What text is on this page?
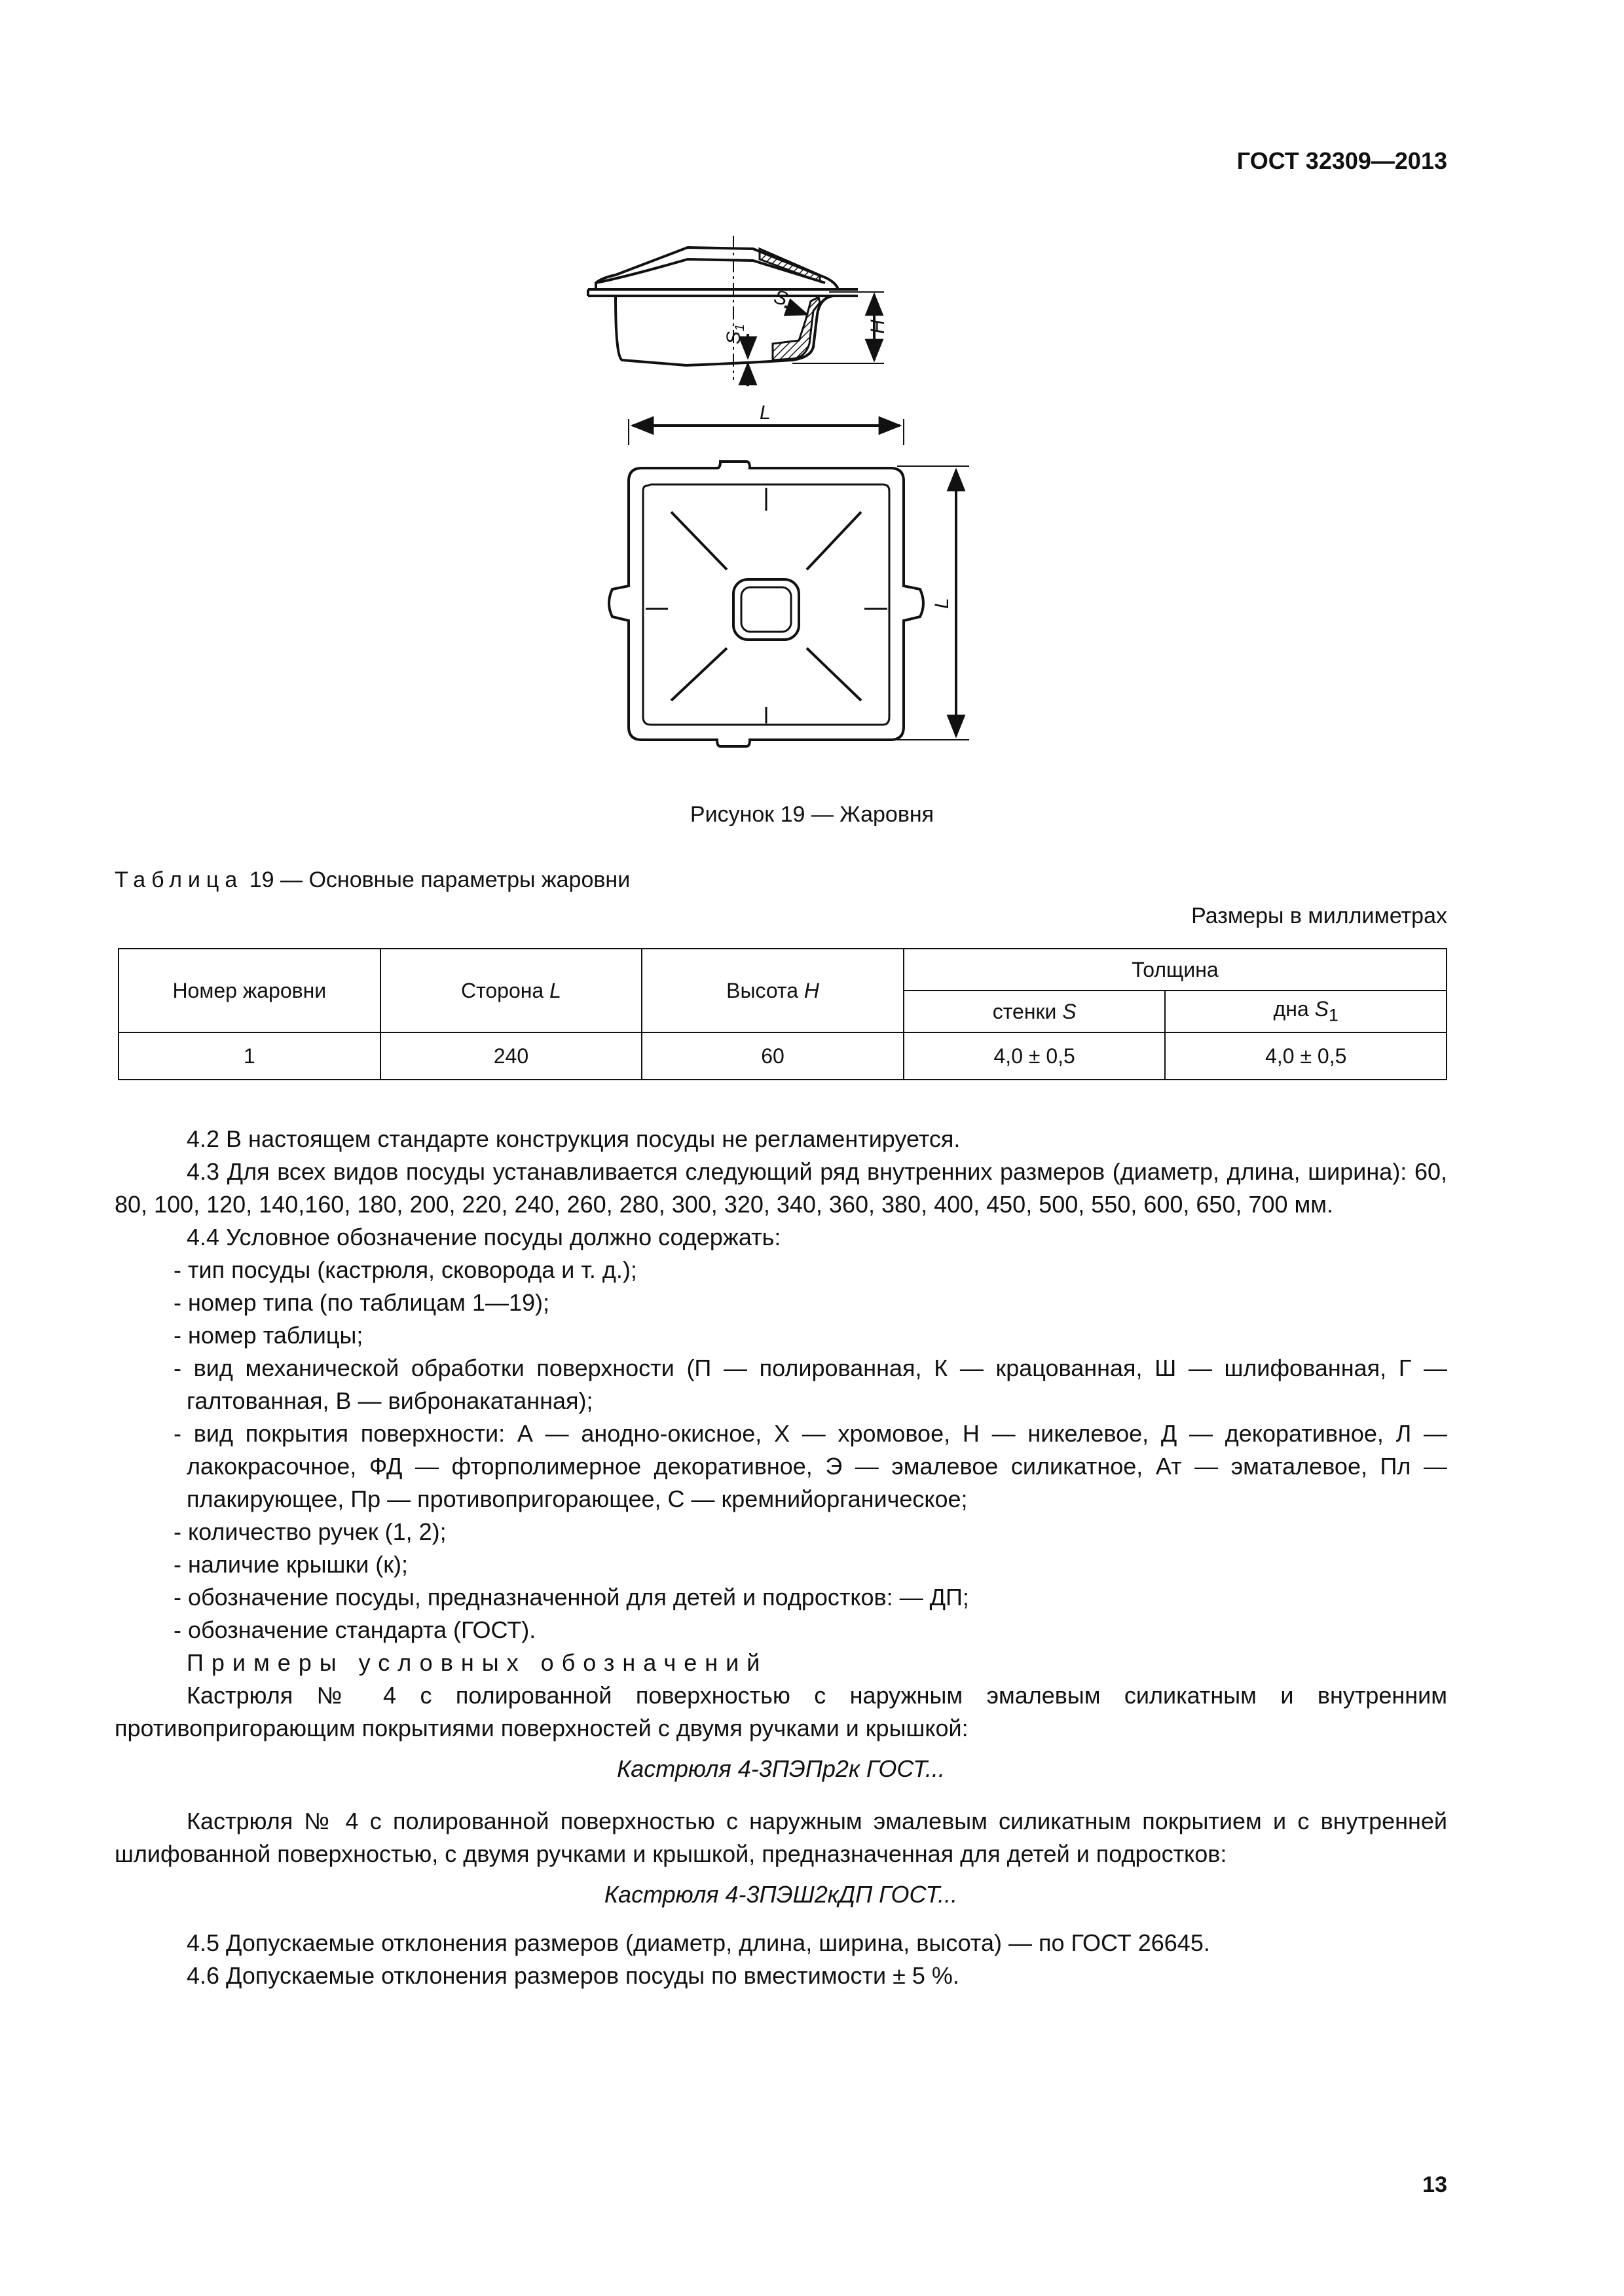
ГОСТ 32309—2013
S
$S_1$	H
L
L
Рисунок 19 — Жаровня
Таблица 19 — Основные параметры жаровни
Размеры в миллиметрах
Номер жаровни	Сторона L	Высота H	Толщина	
			стенки S	дна $S_1$
1	240	60	4,0 ± 0,5	4,0 ± 0,5

4.2 В настоящем стандарте конструкция посуды не регламентируется.

4.3 Для всех видов посуды устанавливается следующий ряд внутренних размеров (диаметр, длина, ширина): 60, 80, 100, 120, 140,160, 180, 200, 220, 240, 260, 280, 300, 320, 340, 360, 380, 400, 450, 500, 550, 600, 650, 700 мм.

4.4 Условное обозначение посуды должно содержать:

- тип посуды (кастрюля, сковорода и т. д.);

- номер типа (по таблицам 1—19);

- номер таблицы;

- вид механической обработки поверхности (П — полированная, К — крацованная, Ш — шлифованная, Г — галтованная, В — вибронакатанная);

- вид покрытия поверхности: А — анодно-окисное, X — хромовое, Н — никелевое, Д — декоративное, Л — лакокрасочное, ФД — фторполимерное декоративное, Э — эмалевое силикатное, Ат — эматалевое, Пл — плакирующее, Пр — противопригорающее, С — кремнийорганическое;

- количество ручек (1, 2);

- наличие крышки (к);

- обозначение посуды, предназначенной для детей и подростков: — ДП;

- обозначение стандарта (ГОСТ).

Примеры условных обозначений

Кастрюля № 4 с полированной поверхностью с наружным эмалевым силикатным и внутренним противопригорающим покрытиями поверхностей с двумя ручками и крышкой:

Кастрюля 4-3ПЭПр2к ГОСТ...

Кастрюля № 4 с полированной поверхностью с наружным эмалевым силикатным покрытием и с внутренней шлифованной поверхностью, с двумя ручками и крышкой, предназначенная для детей и подростков:

Кастрюля 4-3ПЭШ2кДП ГОСТ...

4.5 Допускаемые отклонения размеров (диаметр, длина, ширина, высота) — по ГОСТ 26645.

4.6 Допускаемые отклонения размеров посуды по вместимости ± 5 %.

13
